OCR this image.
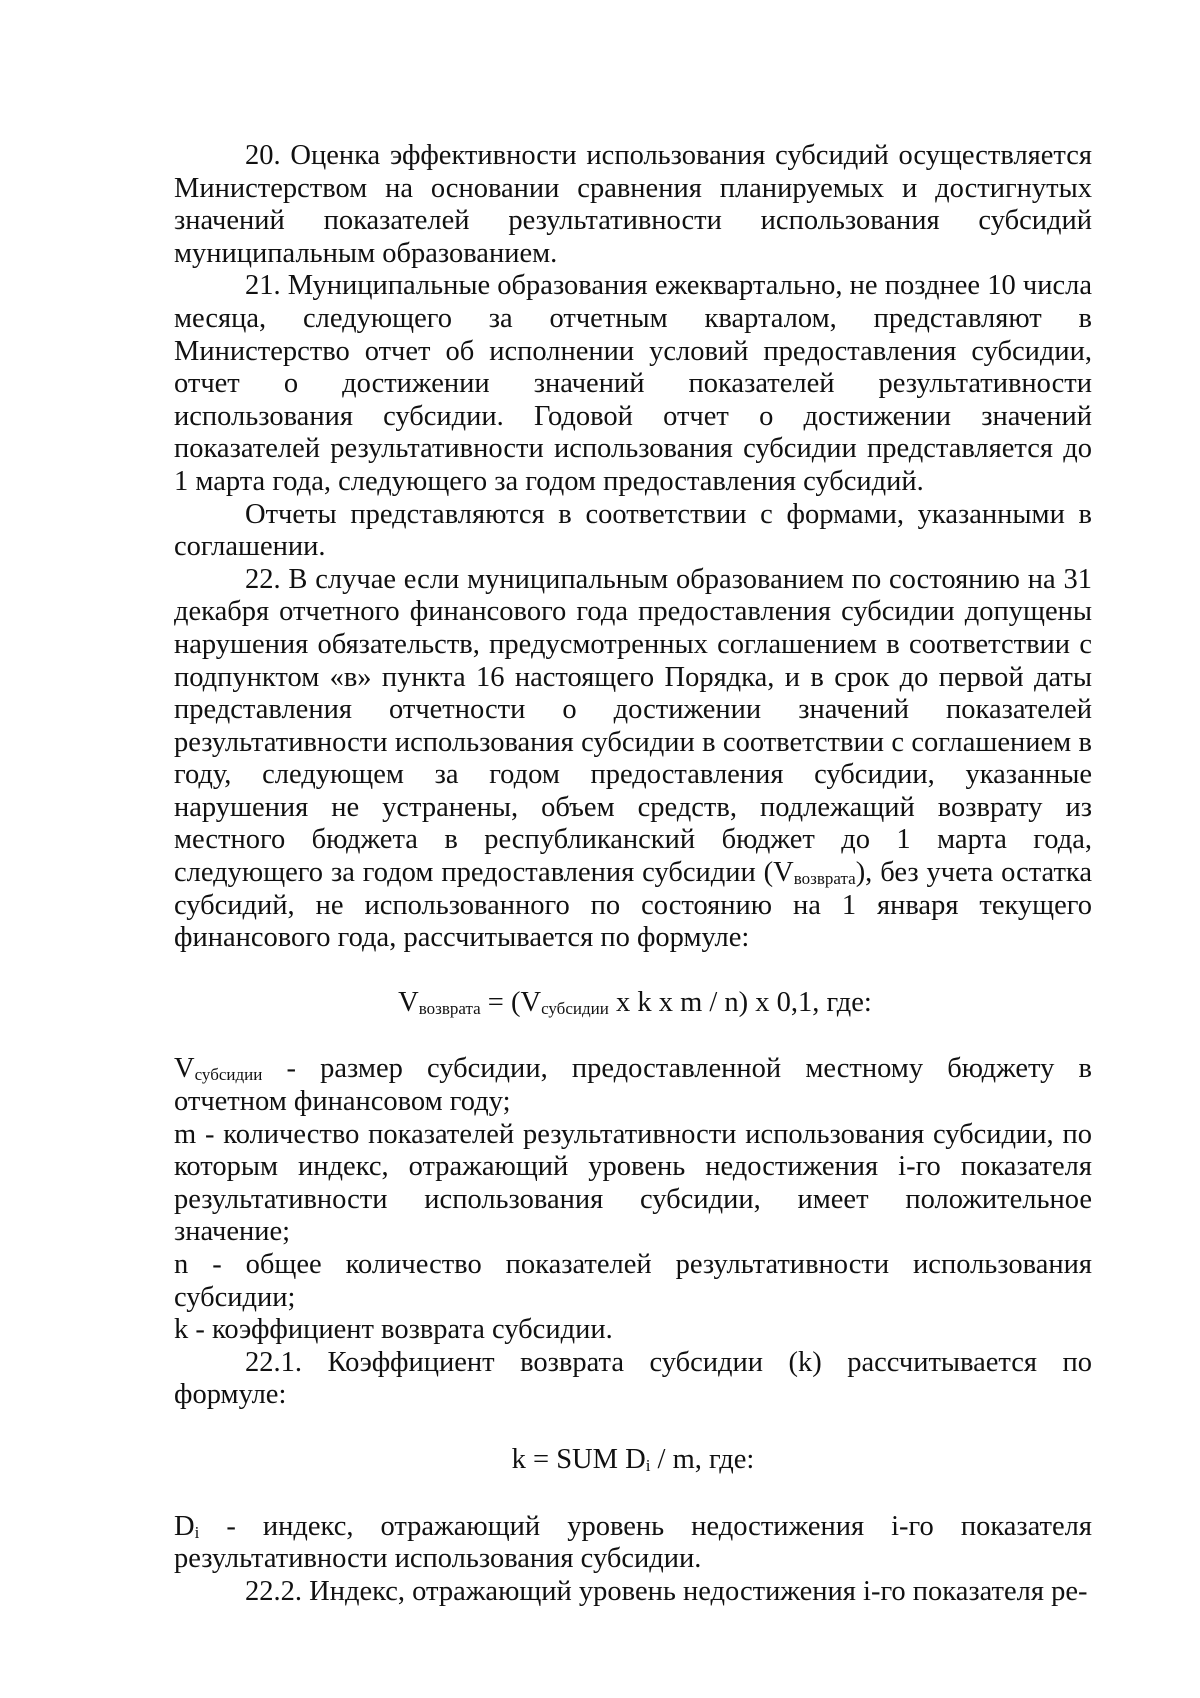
20. Оценка эффективности использования субсидий осуществляется Министерством на основании сравнения планируемых и достигнутых значений показателей результативности использования субсидий муниципальным образованием.

21. Муниципальные образования ежеквартально, не позднее 10 числа месяца, следующего за отчетным кварталом, представляют в Министерство отчет об исполнении условий предоставления субсидии, отчет о достижении значений показателей результативности использования субсидии. Годовой отчет о достижении значений показателей результативности использования субсидии представляется до 1 марта года, следующего за годом предоставления субсидий.

Отчеты представляются в соответствии с формами, указанными в соглашении.

22. В случае если муниципальным образованием по состоянию на 31 декабря отчетного финансового года предоставления субсидии допущены нарушения обязательств, предусмотренных соглашением в соответствии с подпунктом «в» пункта 16 настоящего Порядка, и в срок до первой даты представления отчетности о достижении значений показателей результативности использования субсидии в соответствии с соглашением в году, следующем за годом предоставления субсидии, указанные нарушения не устранены, объем средств, подлежащий возврату из местного бюджета в республиканский бюджет до 1 марта года, следующего за годом предоставления субсидии $(V_{возврата})$, без учета остатка субсидий, не использованного по состоянию на 1 января текущего финансового года, рассчитывается по формуле:

$V_{возврата} = (V_{субсидии}$ x k x m / n) x 0,1, где:

$V_{субсидии}$ - размер субсидии, предоставленной местному бюджету в отчетном финансовом году;

m - количество показателей результативности использования субсидии, по которым индекс, отражающий уровень недостижения i-го показателя результативности использования субсидии, имеет положительное значение;

n - общее количество показателей результативности использования субсидии;

k - коэффициент возврата субсидии.

22.1. Коэффициент возврата субсидии (k) рассчитывается по формуле:

k = SUM $D_i$ / m, где:

$D_i$ - индекс, отражающий уровень недостижения i-го показателя результативности использования субсидии.

22.2. Индекс, отражающий уровень недостижения i-го показателя ре-
